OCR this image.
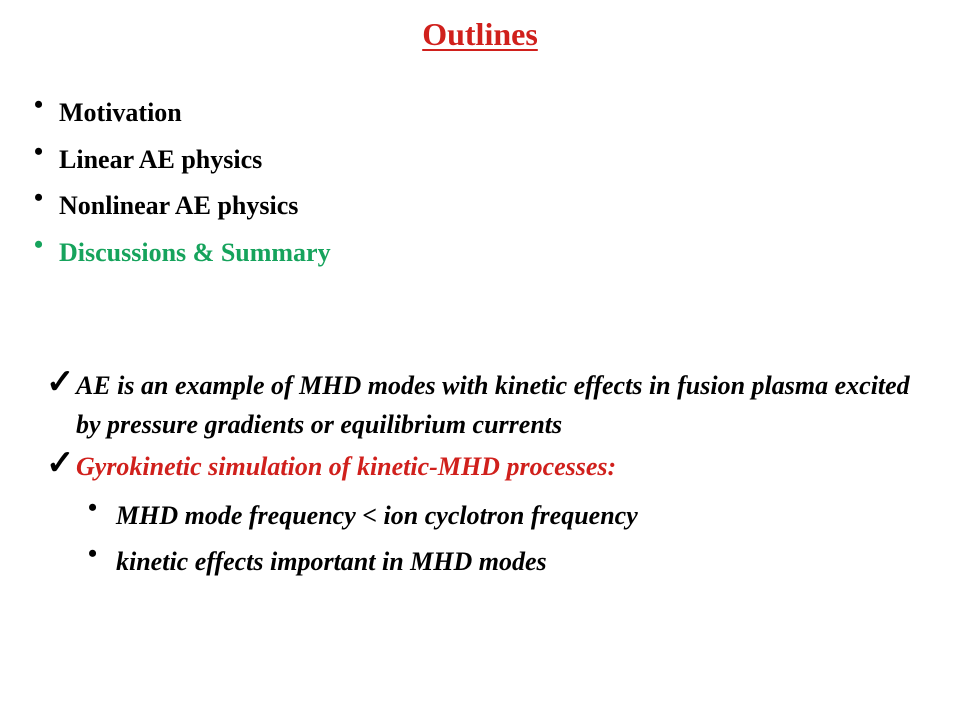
Outlines
• Motivation
• Linear AE physics
• Nonlinear AE physics
• Discussions & Summary
✓ AE is an example of MHD modes with kinetic effects in fusion plasma excited by pressure gradients or equilibrium currents
✓ Gyrokinetic simulation of kinetic-MHD processes:
• MHD mode frequency < ion cyclotron frequency
• kinetic effects important in MHD modes
